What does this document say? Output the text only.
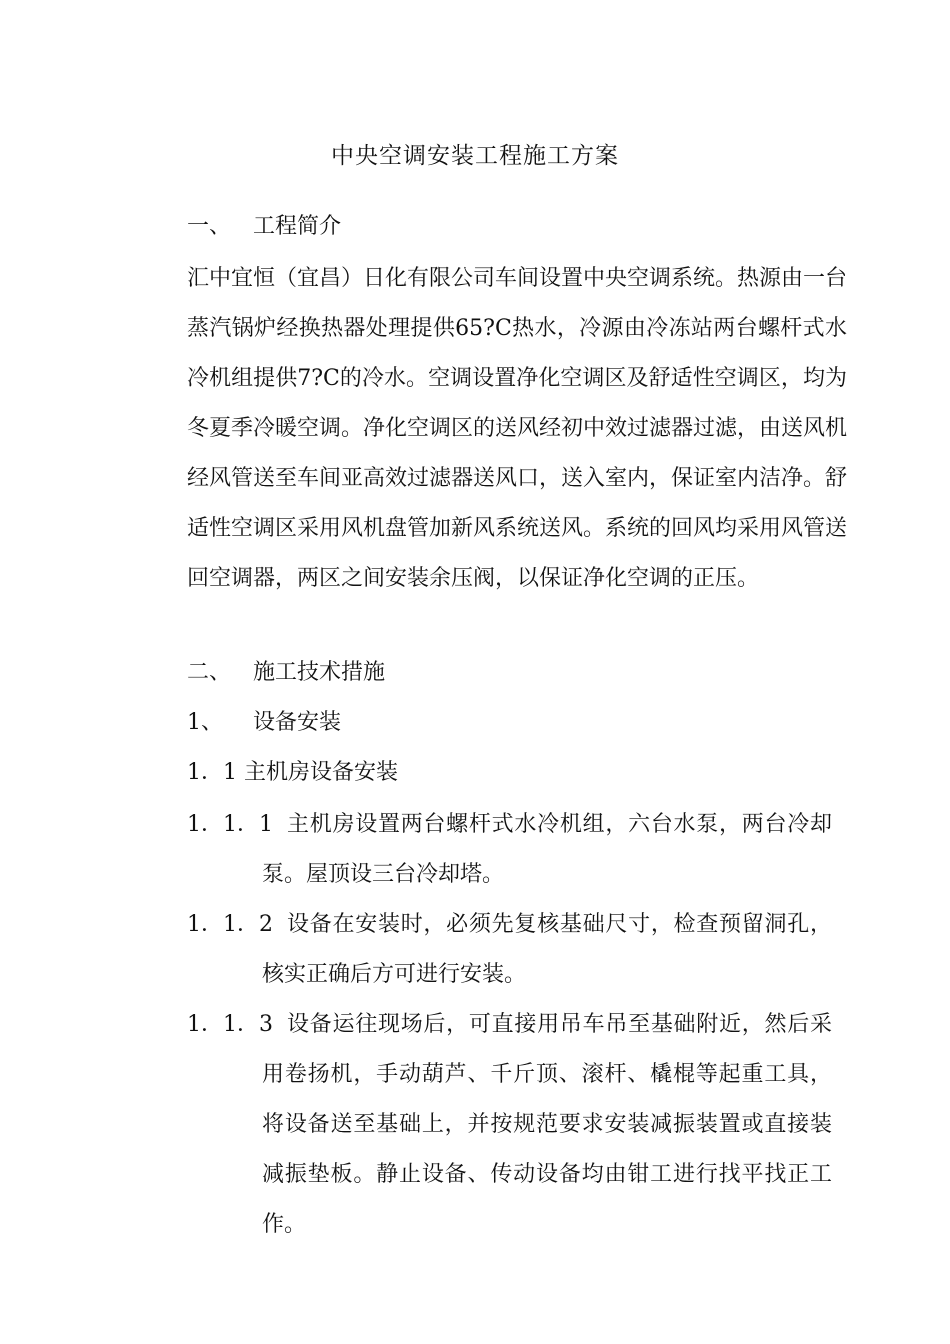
中央空调安装工程施工方案
一、 工程简介

汇中宜恒（宜昌）日化有限公司车间设置中央空调系统。热源由一台蒸汽锅炉经换热器处理提供65?C热水，冷源由冷冻站两台螺杆式水冷机组提供7?C的冷水。空调设置净化空调区及舒适性空调区，均为冬夏季冷暖空调。净化空调区的送风经初中效过滤器过滤，由送风机经风管送至车间亚高效过滤器送风口，送入室内，保证室内洁净。舒适性空调区采用风机盘管加新风系统送风。系统的回风均采用风管送回空调器，两区之间安装余压阀，以保证净化空调的正压。

二、 施工技术措施
1、 设备安装
1．1 主机房设备安装
1．1．1 主机房设置两台螺杆式水冷机组，六台水泵，两台冷却泵。屋顶设三台冷却塔。

1．1．2 设备在安装时，必须先复核基础尺寸，检查预留洞孔，核实正确后方可进行安装。

1．1．3 设备运往现场后，可直接用吊车吊至基础附近，然后采用卷扬机，手动葫芦、千斤顶、滚杆、橇棍等起重工具，将设备送至基础上，并按规范要求安装减振装置或直接装减振垫板。静止设备、传动设备均由钳工进行找平找正工作。
